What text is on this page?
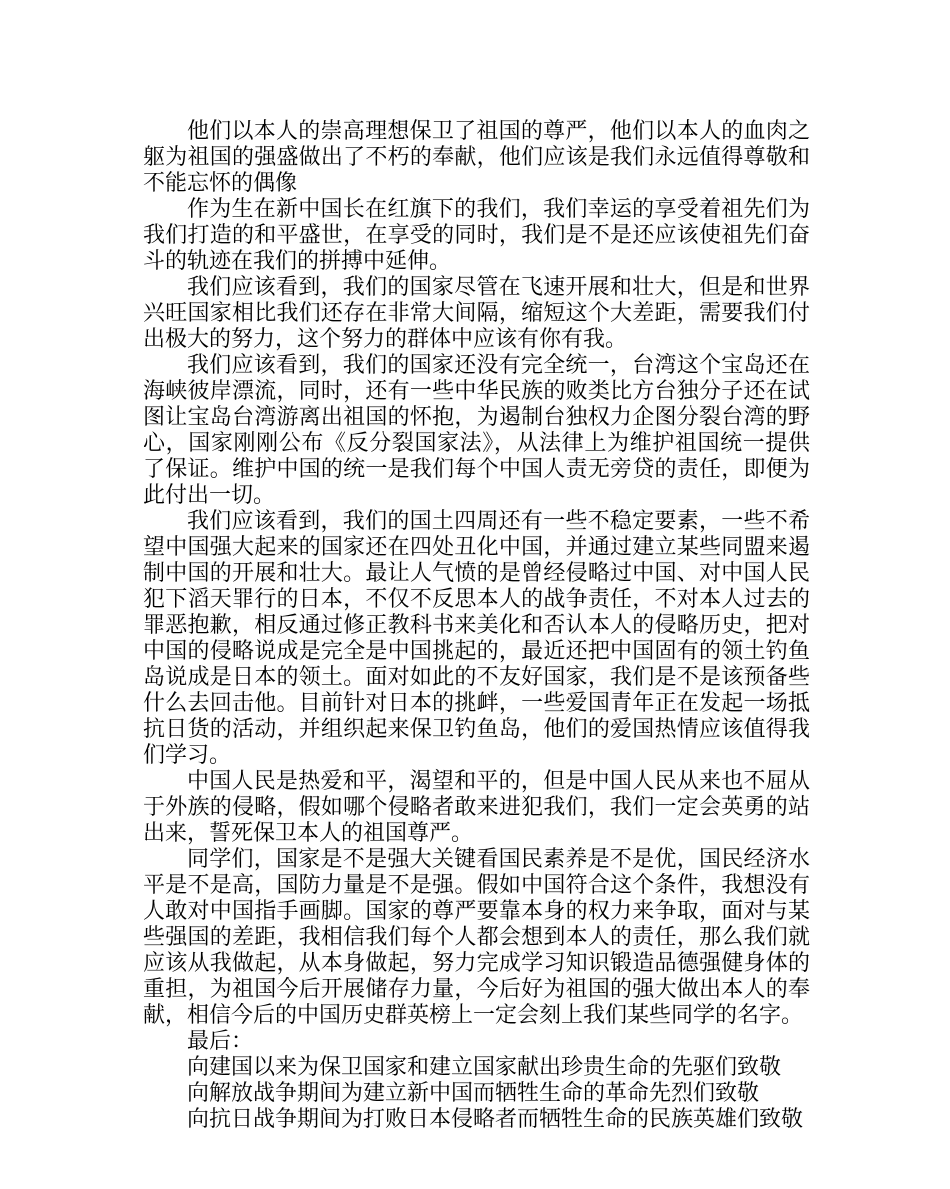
他们以本人的崇高理想保卫了祖国的尊严，他们以本人的血肉之躯为祖国的强盛做出了不朽的奉献，他们应该是我们永远值得尊敬和不能忘怀的偶像

作为生在新中国长在红旗下的我们，我们幸运的享受着祖先们为我们打造的和平盛世，在享受的同时，我们是不是还应该使祖先们奋斗的轨迹在我们的拼搏中延伸。

我们应该看到，我们的国家尽管在飞速开展和壮大，但是和世界兴旺国家相比我们还存在非常大间隔，缩短这个大差距，需要我们付出极大的努力，这个努力的群体中应该有你有我。

我们应该看到，我们的国家还没有完全统一，台湾这个宝岛还在海峡彼岸漂流，同时，还有一些中华民族的败类比方台独分子还在试图让宝岛台湾游离出祖国的怀抱，为遏制台独权力企图分裂台湾的野心，国家刚刚公布《反分裂国家法》，从法律上为维护祖国统一提供了保证。维护中国的统一是我们每个中国人责无旁贷的责任，即便为此付出一切。

我们应该看到，我们的国土四周还有一些不稳定要素，一些不希望中国强大起来的国家还在四处丑化中国，并通过建立某些同盟来遏制中国的开展和壮大。最让人气愤的是曾经侵略过中国、对中国人民犯下滔天罪行的日本，不仅不反思本人的战争责任，不对本人过去的罪恶抱歉，相反通过修正教科书来美化和否认本人的侵略历史，把对中国的侵略说成是完全是中国挑起的，最近还把中国固有的领土钓鱼岛说成是日本的领土。面对如此的不友好国家，我们是不是该预备些什么去回击他。目前针对日本的挑衅，一些爱国青年正在发起一场抵抗日货的活动，并组织起来保卫钓鱼岛，他们的爱国热情应该值得我们学习。

中国人民是热爱和平，渴望和平的，但是中国人民从来也不屈从于外族的侵略，假如哪个侵略者敢来进犯我们，我们一定会英勇的站出来，誓死保卫本人的祖国尊严。

同学们，国家是不是强大关键看国民素养是不是优，国民经济水平是不是高，国防力量是不是强。假如中国符合这个条件，我想没有人敢对中国指手画脚。国家的尊严要靠本身的权力来争取，面对与某些强国的差距，我相信我们每个人都会想到本人的责任，那么我们就应该从我做起，从本身做起，努力完成学习知识锻造品德强健身体的重担，为祖国今后开展储存力量，今后好为祖国的强大做出本人的奉献，相信今后的中国历史群英榜上一定会刻上我们某些同学的名字。

最后：

向建国以来为保卫国家和建立国家献出珍贵生命的先驱们致敬

向解放战争期间为建立新中国而牺牲生命的革命先烈们致敬

向抗日战争期间为打败日本侵略者而牺牲生命的民族英雄们致敬
